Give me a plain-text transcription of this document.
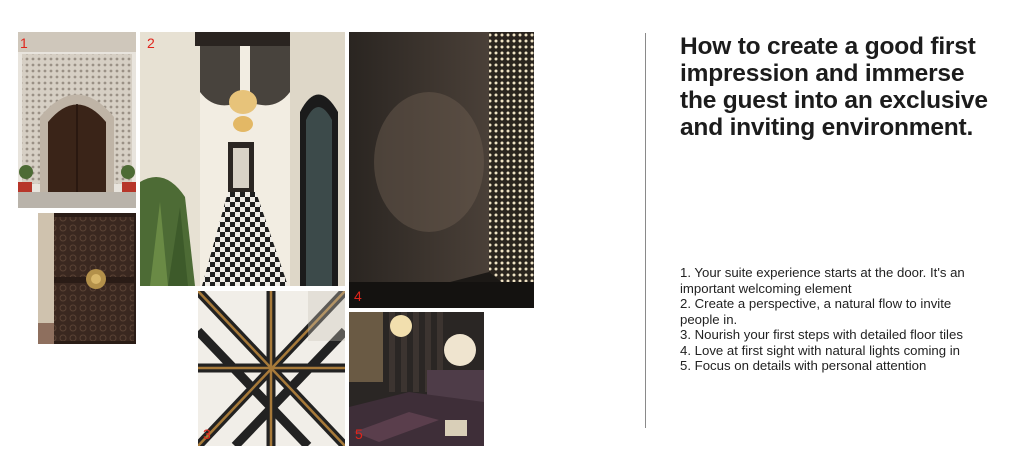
1	2
4
3	5
How to create a good first
impression and immerse
the guest into an exclusive
and inviting environment.
1. Your suite experience starts at the door. It's an
important welcoming element
2. Create a perspective, a natural flow to invite
people in.
3. Nourish your first steps with detailed floor tiles
4. Love at first sight with natural lights coming in
5. Focus on details with personal attention
